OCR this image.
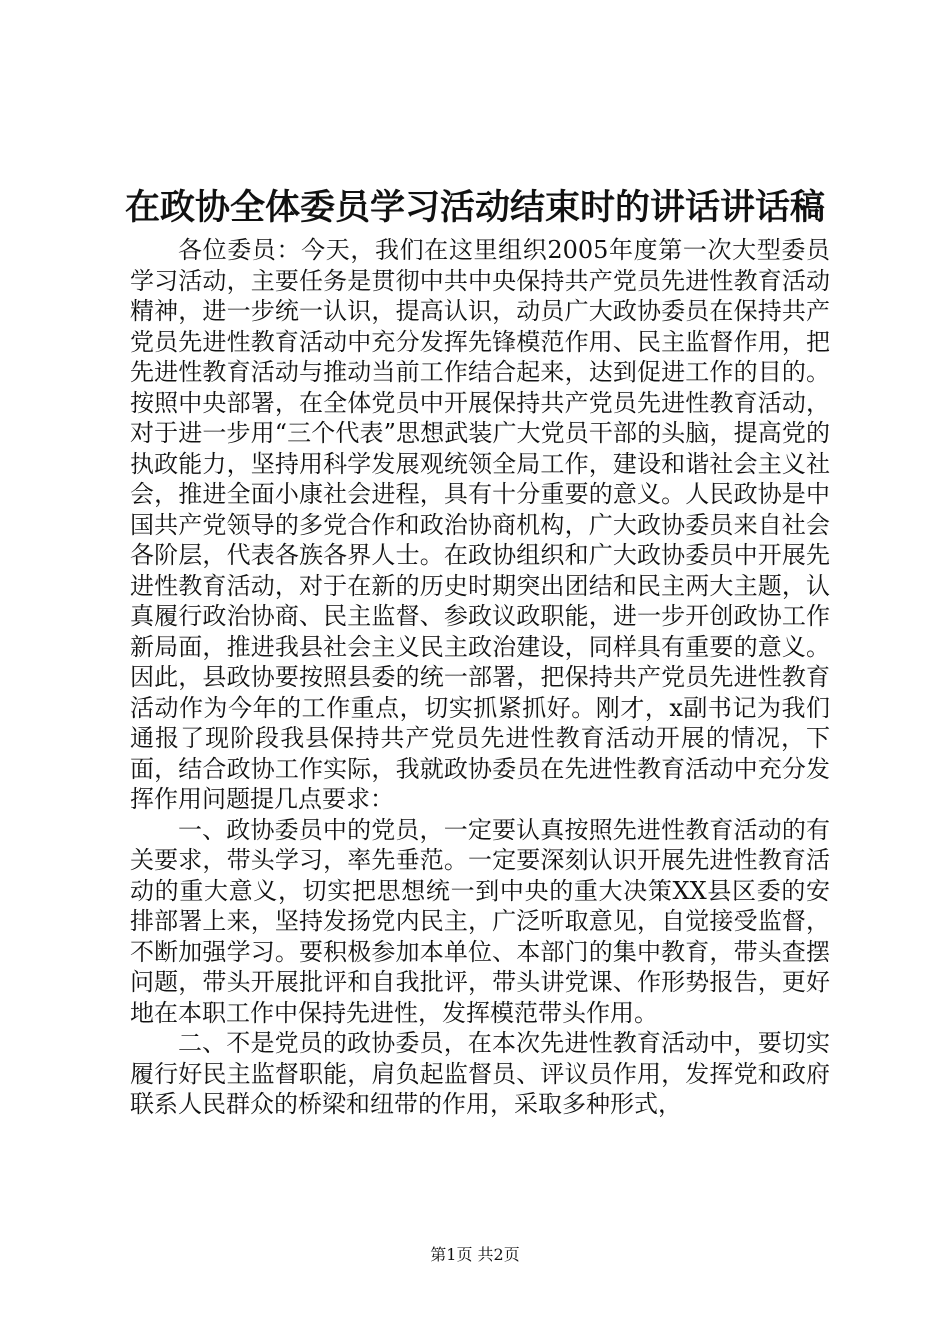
在政协全体委员学习活动结束时的讲话讲话稿

各位委员：今天，我们在这里组织2005年度第一次大型委员学习活动，主要任务是贯彻中共中央保持共产党员先进性教育活动精神，进一步统一认识，提高认识，动员广大政协委员在保持共产党员先进性教育活动中充分发挥先锋模范作用、民主监督作用，把先进性教育活动与推动当前工作结合起来，达到促进工作的目的。按照中央部署，在全体党员中开展保持共产党员先进性教育活动，对于进一步用“三个代表”思想武装广大党员干部的头脑，提高党的执政能力，坚持用科学发展观统领全局工作，建设和谐社会主义社会，推进全面小康社会进程，具有十分重要的意义。人民政协是中国共产党领导的多党合作和政治协商机构，广大政协委员来自社会各阶层，代表各族各界人士。在政协组织和广大政协委员中开展先进性教育活动，对于在新的历史时期突出团结和民主两大主题，认真履行政治协商、民主监督、参政议政职能，进一步开创政协工作新局面，推进我县社会主义民主政治建设，同样具有重要的意义。因此，县政协要按照县委的统一部署，把保持共产党员先进性教育活动作为今年的工作重点，切实抓紧抓好。刚才，x副书记为我们通报了现阶段我县保持共产党员先进性教育活动开展的情况，下面，结合政协工作实际，我就政协委员在先进性教育活动中充分发挥作用问题提几点要求：

一、政协委员中的党员，一定要认真按照先进性教育活动的有关要求，带头学习，率先垂范。一定要深刻认识开展先进性教育活动的重大意义，切实把思想统一到中央的重大决策XX县区委的安排部署上来，坚持发扬党内民主，广泛听取意见，自觉接受监督，不断加强学习。要积极参加本单位、本部门的集中教育，带头查摆问题，带头开展批评和自我批评，带头讲党课、作形势报告，更好地在本职工作中保持先进性，发挥模范带头作用。

二、不是党员的政协委员，在本次先进性教育活动中，要切实履行好民主监督职能，肩负起监督员、评议员作用，发挥党和政府联系人民群众的桥梁和纽带的作用，采取多种形式，

第1页 共2页
